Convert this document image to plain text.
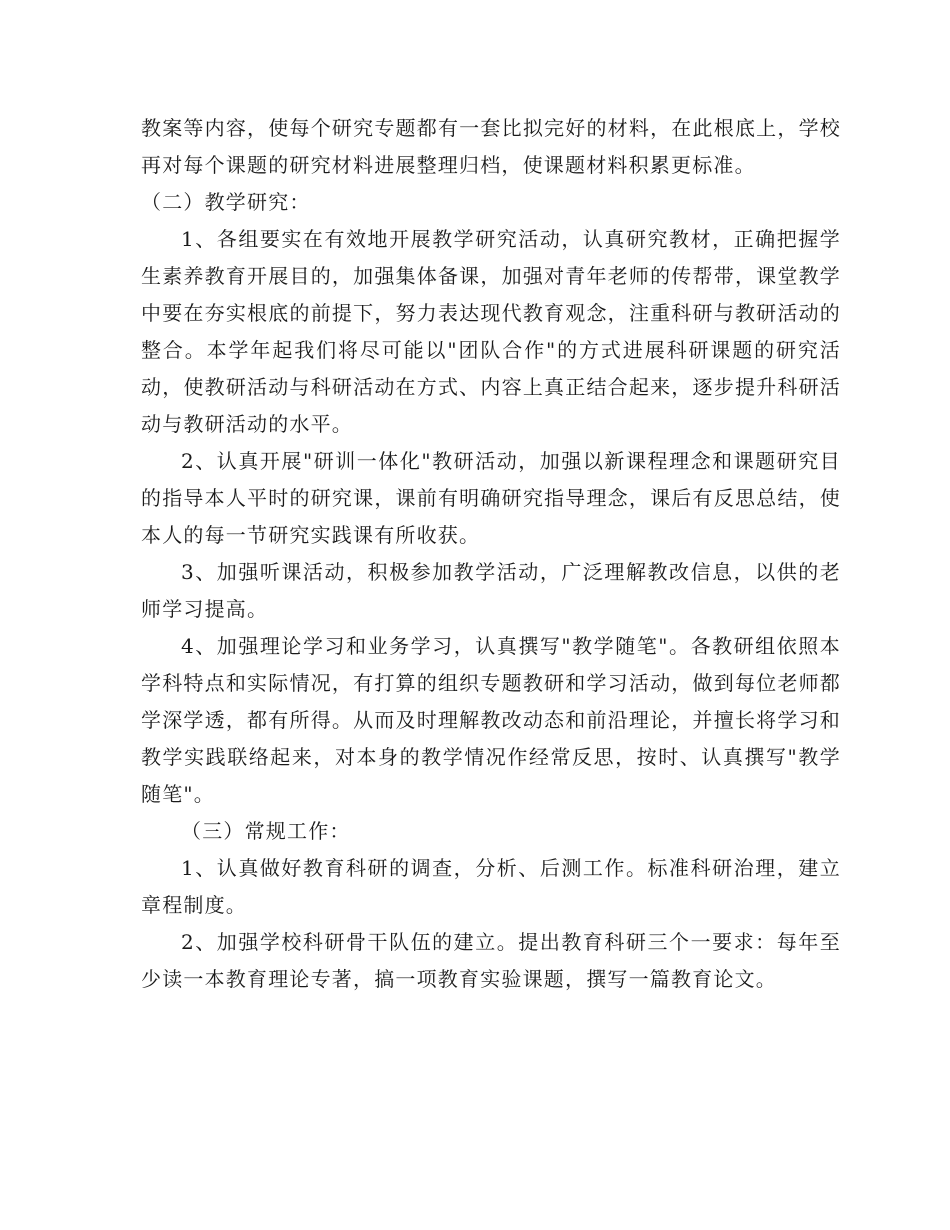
教案等内容，使每个研究专题都有一套比拟完好的材料，在此根底上，学校再对每个课题的研究材料进展整理归档，使课题材料积累更标准。

（二）教学研究：

1、各组要实在有效地开展教学研究活动，认真研究教材，正确把握学生素养教育开展目的，加强集体备课，加强对青年老师的传帮带，课堂教学中要在夯实根底的前提下，努力表达现代教育观念，注重科研与教研活动的整合。本学年起我们将尽可能以"团队合作"的方式进展科研课题的研究活动，使教研活动与科研活动在方式、内容上真正结合起来，逐步提升科研活动与教研活动的水平。

2、认真开展"研训一体化"教研活动，加强以新课程理念和课题研究目的指导本人平时的研究课，课前有明确研究指导理念，课后有反思总结，使本人的每一节研究实践课有所收获。

3、加强听课活动，积极参加教学活动，广泛理解教改信息，以供的老师学习提高。

4、加强理论学习和业务学习，认真撰写"教学随笔"。各教研组依照本学科特点和实际情况，有打算的组织专题教研和学习活动，做到每位老师都学深学透，都有所得。从而及时理解教改动态和前沿理论，并擅长将学习和教学实践联络起来，对本身的教学情况作经常反思，按时、认真撰写"教学随笔"。

（三）常规工作：

1、认真做好教育科研的调查，分析、后测工作。标准科研治理，建立章程制度。

2、加强学校科研骨干队伍的建立。提出教育科研三个一要求：每年至少读一本教育理论专著，搞一项教育实验课题，撰写一篇教育论文。
